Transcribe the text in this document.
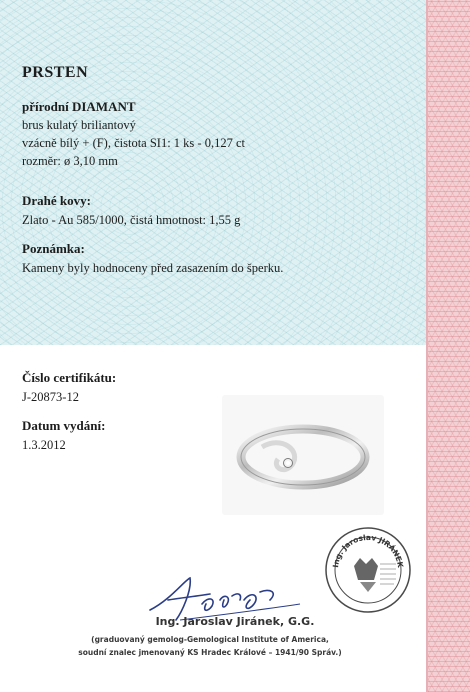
PRSTEN
přírodní DIAMANT
brus kulatý briliantový
vzácně bílý + (F), čistota SI1: 1 ks - 0,127 ct
rozměr: ø 3,10 mm
Drahé kovy:
Zlato - Au 585/1000, čistá hmotnost: 1,55 g
Poznámka:
Kameny byly hodnoceny před zasazením do šperku.
Číslo certifikátu:
J-20873-12
Datum vydání:
1.3.2012
Ing. Jaroslav JIRÁNEK
Ing. Jaroslav Jiránek, G.G.
(graduovaný gemolog-Gemological Institute of America,
soudní znalec jmenovaný KS Hradec Králové – 1941/90 Správ.)
